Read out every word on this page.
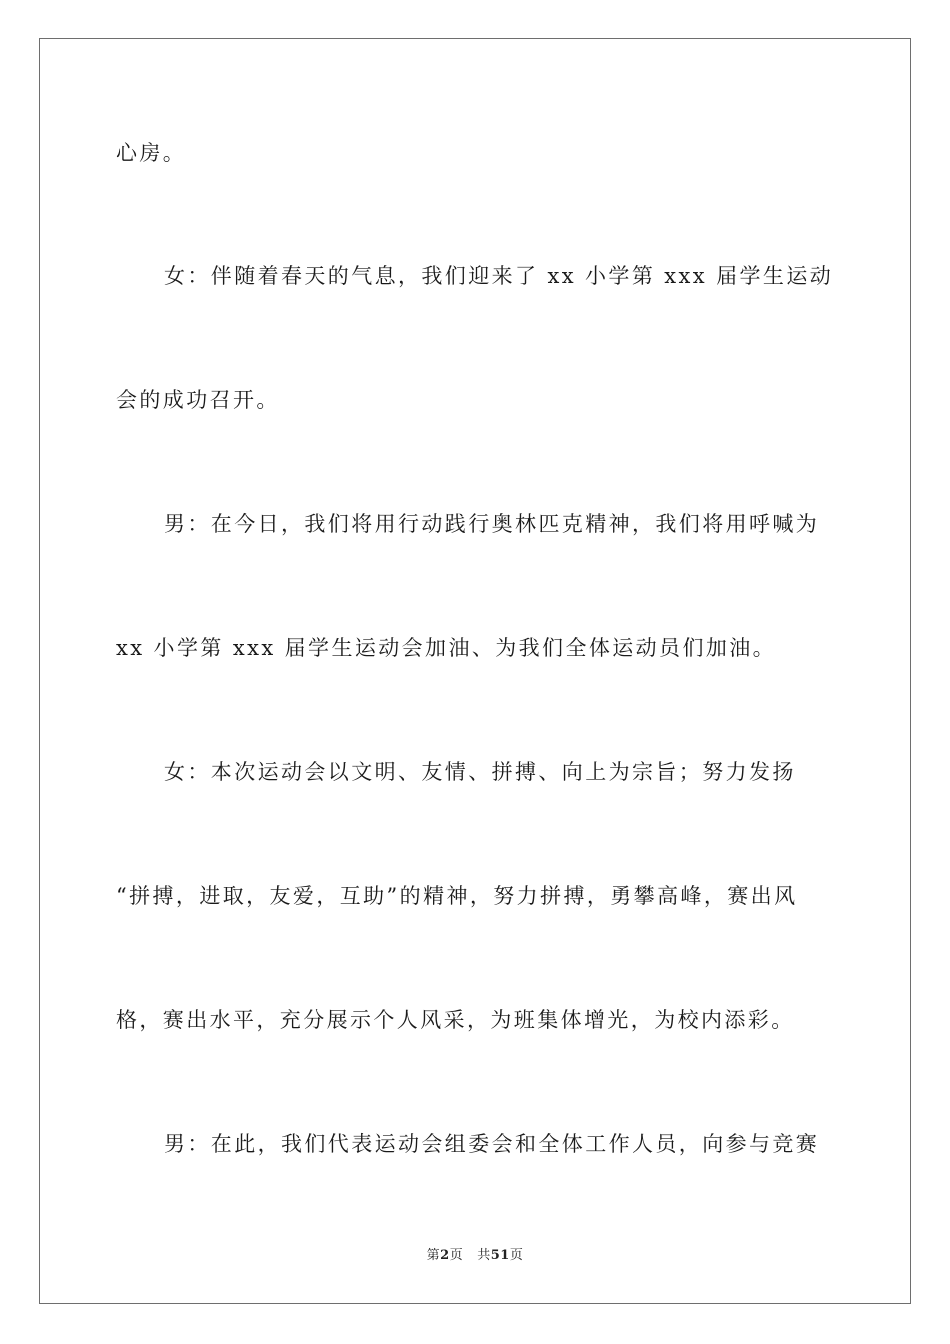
心房。
女：伴随着春天的气息，我们迎来了 xx 小学第 xxx 届学生运动
会的成功召开。
男：在今日，我们将用行动践行奥林匹克精神，我们将用呼喊为
xx 小学第 xxx 届学生运动会加油、为我们全体运动员们加油。
女：本次运动会以文明、友情、拼搏、向上为宗旨；努力发扬
“拼搏，进取，友爱，互助”的精神，努力拼搏，勇攀高峰，赛出风
格，赛出水平，充分展示个人风采，为班集体增光，为校内添彩。
男：在此，我们代表运动会组委会和全体工作人员，向参与竞赛
第2页 共51页
